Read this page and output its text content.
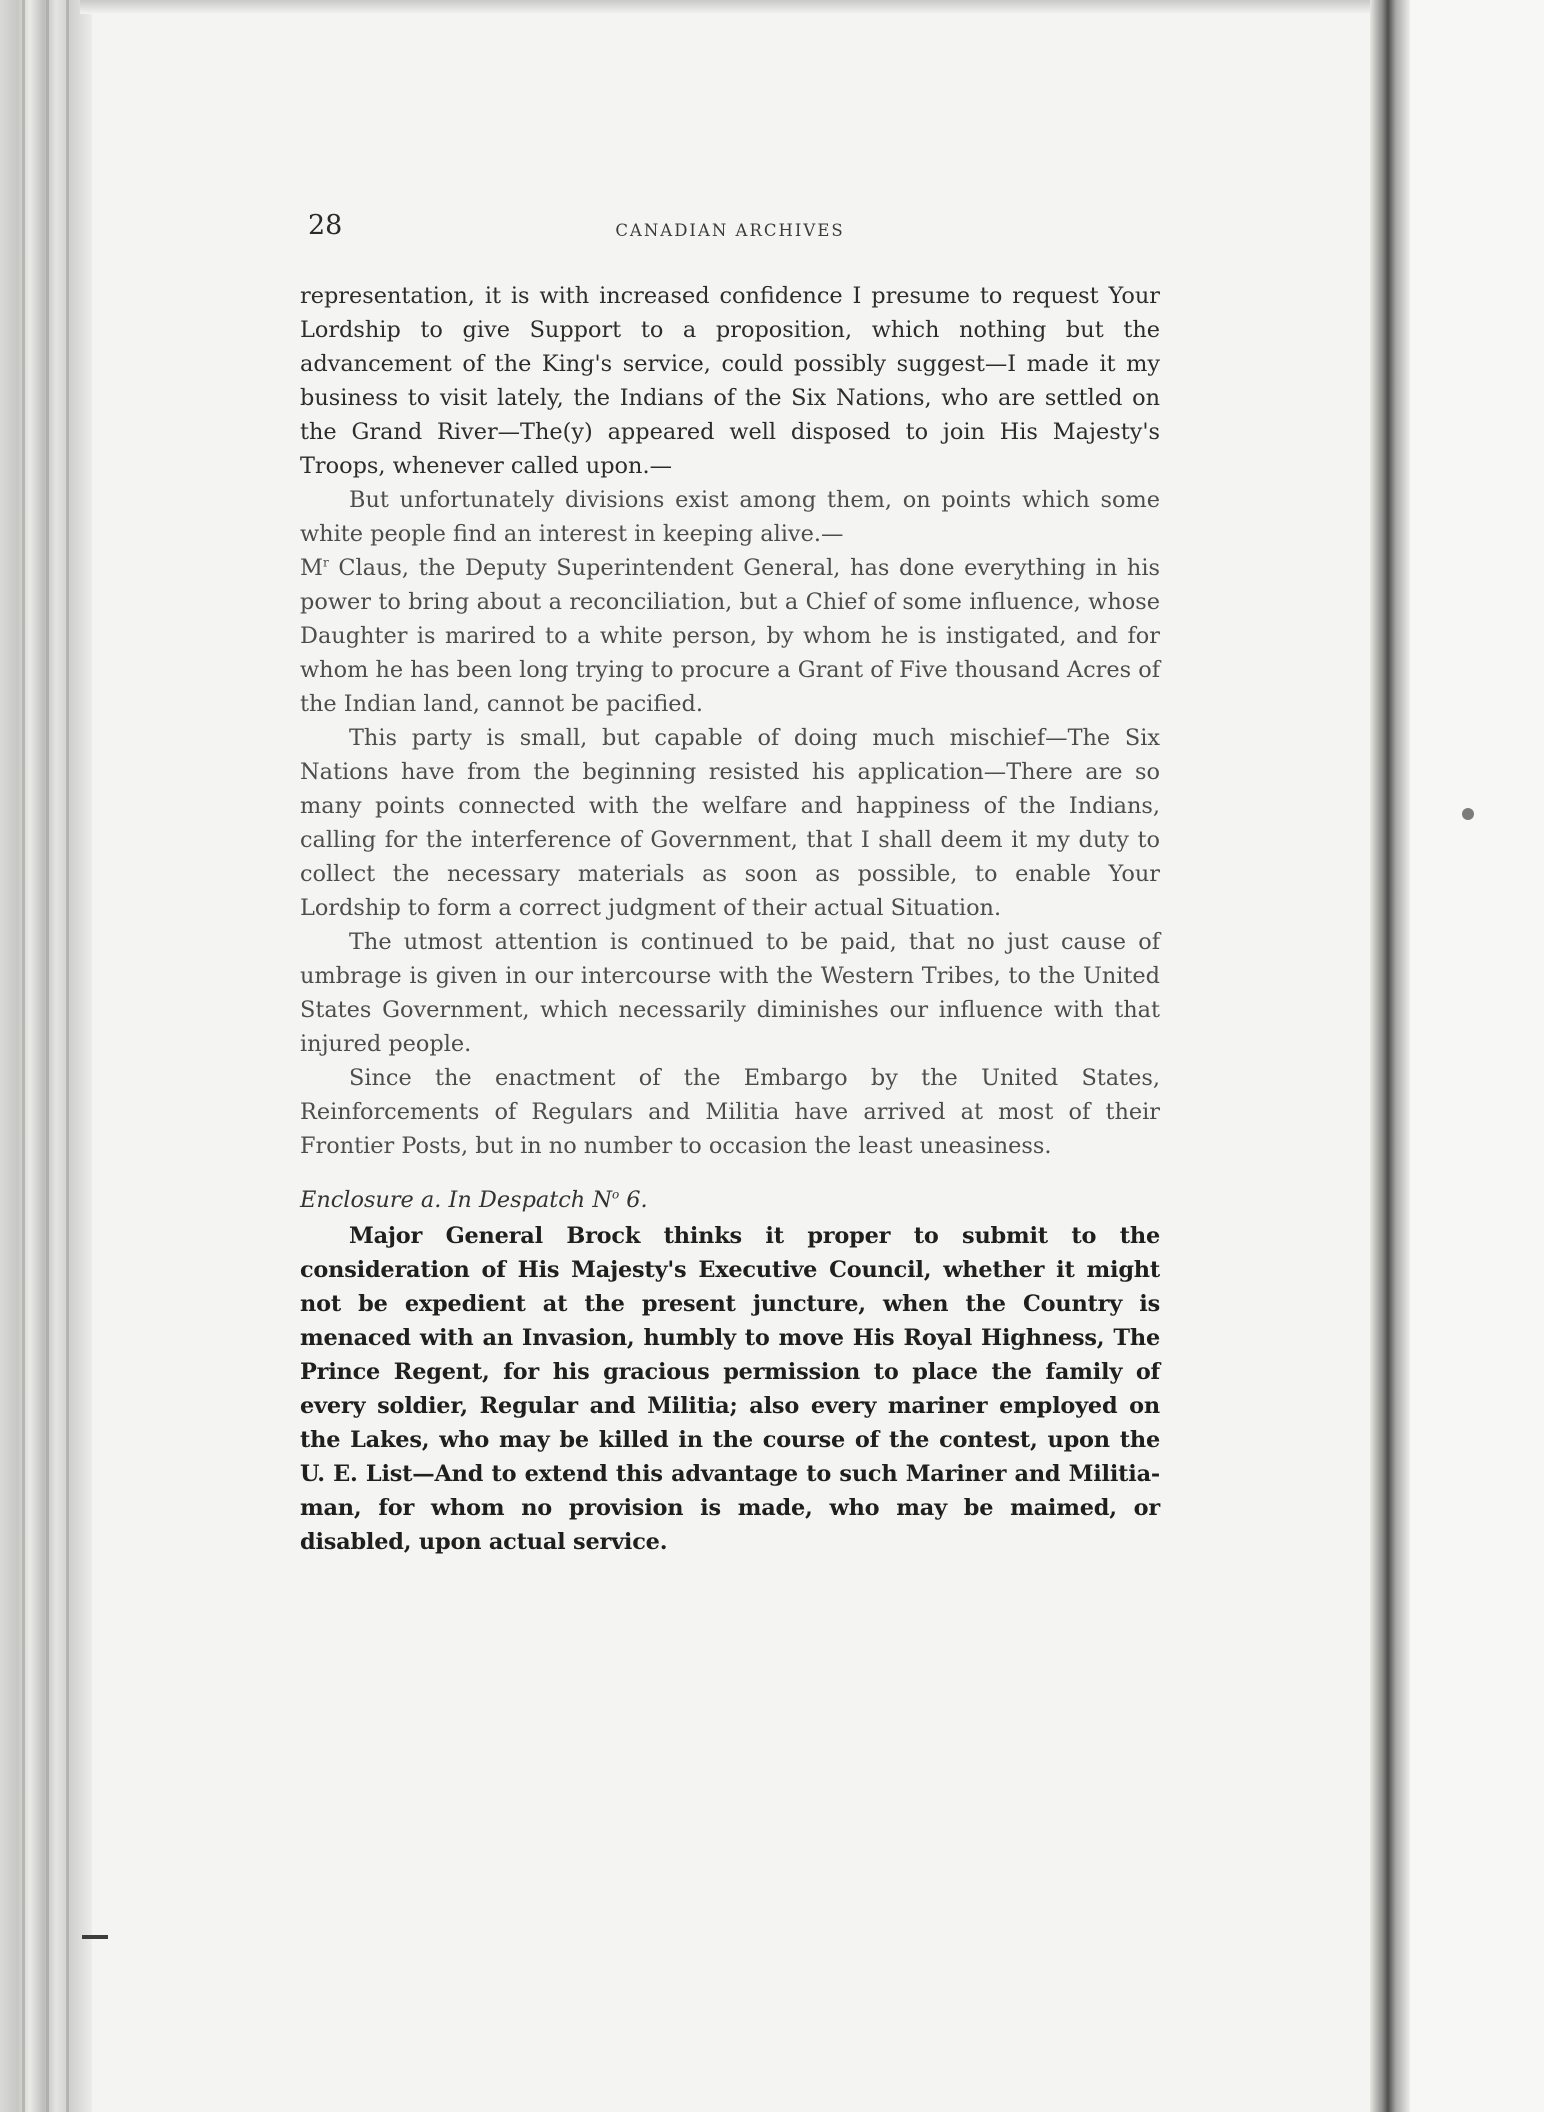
28	CANADIAN ARCHIVES

representation, it is with increased confidence I presume to request Your Lordship to give Support to a proposition, which nothing but the advancement of the King's service, could possibly suggest—I made it my business to visit lately, the Indians of the Six Nations, who are settled on the Grand River—The(y) appeared well disposed to join His Majesty's Troops, whenever called upon.—

But unfortunately divisions exist among them, on points which some white people find an interest in keeping alive.—

$M^r$ Claus, the Deputy Superintendent General, has done everything in his power to bring about a reconciliation, but a Chief of some influence, whose Daughter is marired to a white person, by whom he is instigated, and for whom he has been long trying to procure a Grant of Five thousand Acres of the Indian land, cannot be pacified.

This party is small, but capable of doing much mischief—The Six Nations have from the beginning resisted his application—There are so many points connected with the welfare and happiness of the Indians, calling for the interference of Government, that I shall deem it my duty to collect the necessary materials as soon as possible, to enable Your Lordship to form a correct judgment of their actual Situation.

The utmost attention is continued to be paid, that no just cause of umbrage is given in our intercourse with the Western Tribes, to the United States Government, which necessarily diminishes our influence with that injured people.

Since the enactment of the Embargo by the United States, Reinforcements of Regulars and Militia have arrived at most of their Frontier Posts, but in no number to occasion the least uneasiness.

Enclosure a. In Despatch $N^o$ 6.

Major General Brock thinks it proper to submit to the consideration of His Majesty's Executive Council, whether it might not be expedient at the present juncture, when the Country is menaced with an Invasion, humbly to move His Royal Highness, The Prince Regent, for his gracious permission to place the family of every soldier, Regular and Militia; also every mariner employed on the Lakes, who may be killed in the course of the contest, upon the U. E. List—And to extend this advantage to such Mariner and Militia-man, for whom no provision is made, who may be maimed, or disabled, upon actual service.
